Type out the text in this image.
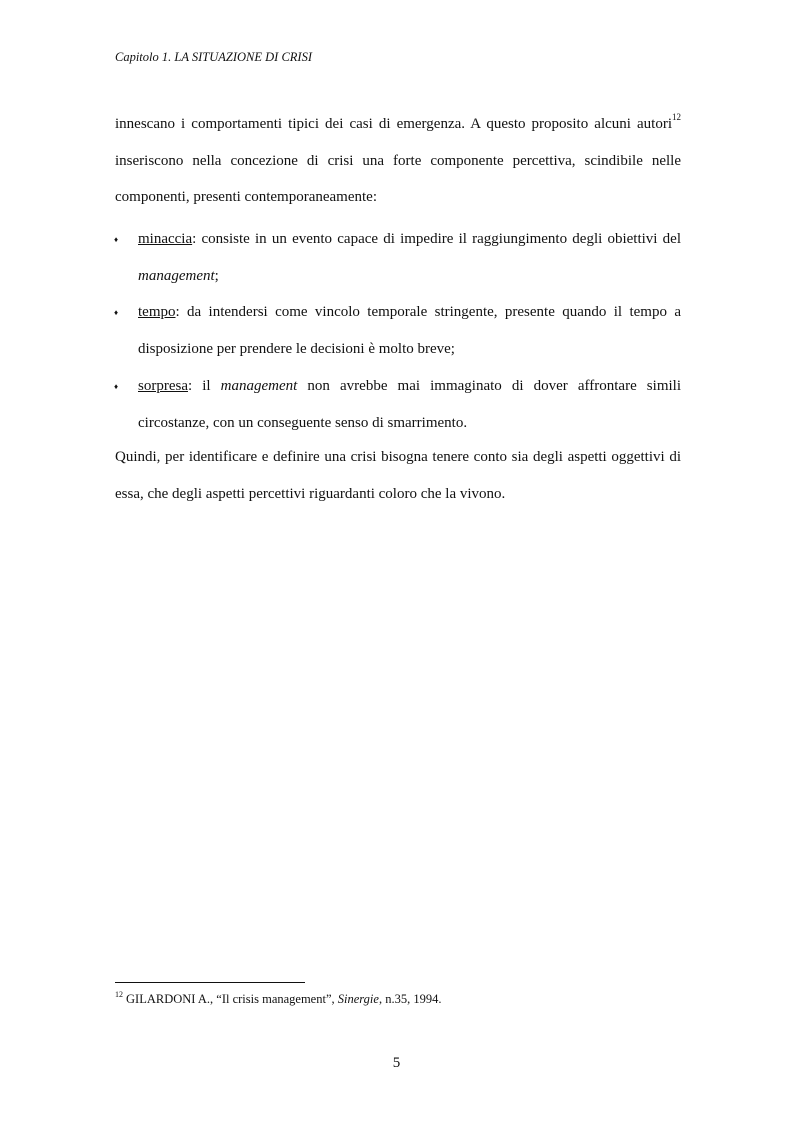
Capitolo 1. LA SITUAZIONE DI CRISI

innescano i comportamenti tipici dei casi di emergenza. A questo proposito alcuni autori$^{12}$ inseriscono nella concezione di crisi una forte componente percettiva, scindibile nelle componenti, presenti contemporaneamente:

♦ minaccia: consiste in un evento capace di impedire il raggiungimento degli obiettivi del management;
♦ tempo: da intendersi come vincolo temporale stringente, presente quando il tempo a disposizione per prendere le decisioni è molto breve;
♦ sorpresa: il management non avrebbe mai immaginato di dover affrontare simili circostanze, con un conseguente senso di smarrimento.

Quindi, per identificare e definire una crisi bisogna tenere conto sia degli aspetti oggettivi di essa, che degli aspetti percettivi riguardanti coloro che la vivono.

$^{12}$ GILARDONI A., “Il crisis management”, Sinergie, n.35, 1994.
5
